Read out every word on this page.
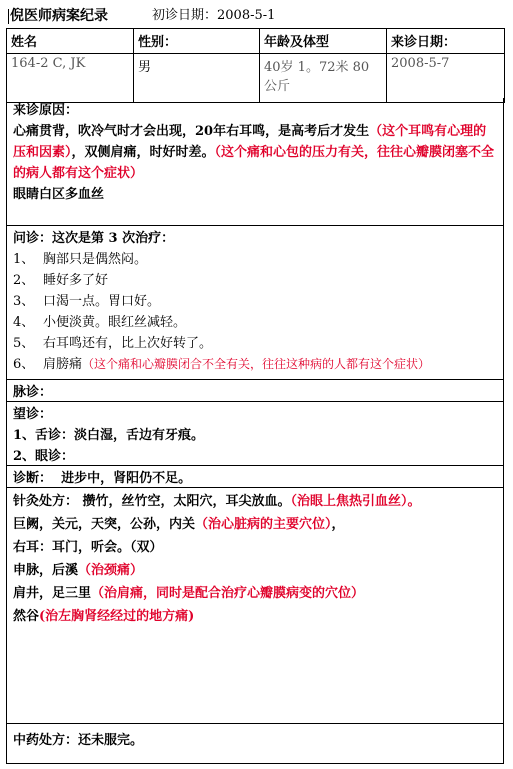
倪医师病案纪录	初诊日期：2008-5-1
姓名	性别：	年龄及体型	来诊日期：
164-2 C, JK	男	40岁 1。72米 80公斤	2008-5-7
来诊原因：
心痛贯背，吹冷气时才会出现，20年右耳鸣，是高考后才发生（这个耳鸣有心理的压和因素），双侧肩痛，时好时差。（这个痛和心包的压力有关，往往心瓣膜闭塞不全的病人都有这个症状）
眼睛白区多血丝
问诊：这次是第 3 次治疗：
1、 胸部只是偶然闷。
2、 睡好多了好
3、 口渴一点。胃口好。
4、 小便淡黄。眼红丝减轻。
5、 右耳鸣还有，比上次好转了。
6、 肩膀痛 （这个痛和心瓣膜闭合不全有关，往往这种病的人都有这个症状）
脉诊：
望诊：
1、舌诊：淡白湿，舌边有牙痕。
2、眼诊：
诊断： 进步中，肾阳仍不足。
针灸处方： 攒竹，丝竹空，太阳穴，耳尖放血。（治眼上焦热引血丝）。
巨阙，关元，天突，公孙，内关（治心脏病的主要穴位），
右耳：耳门，听会。（双）
申脉，后溪（治颈痛）
肩井，足三里（治肩痛，同时是配合治疗心瓣膜病变的穴位）
然谷(治左胸肾经经过的地方痛)
中药处方：还未服完。
